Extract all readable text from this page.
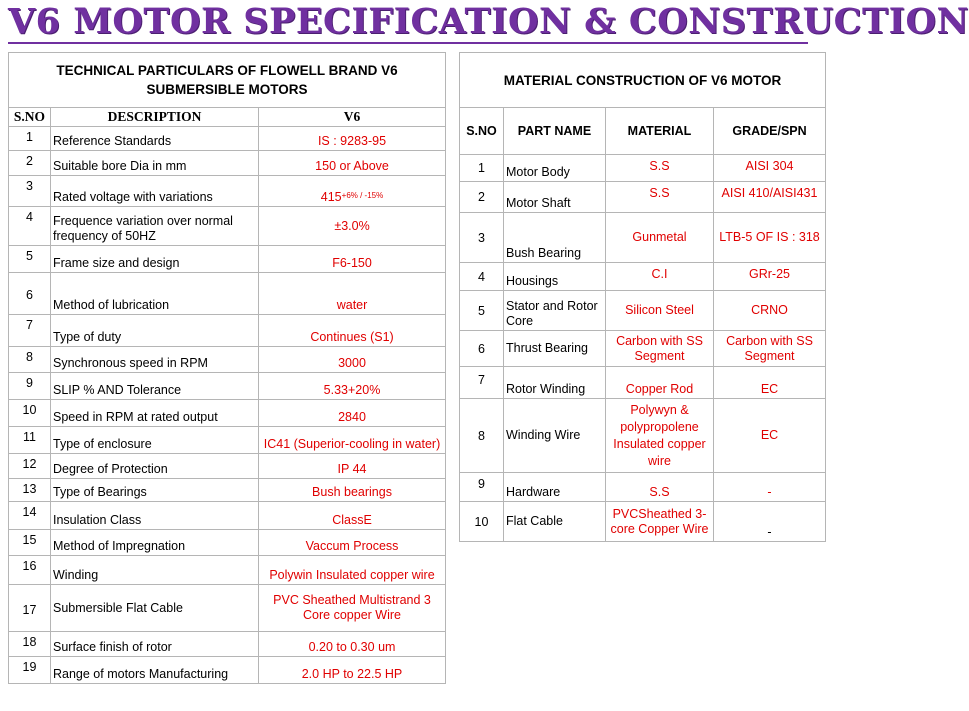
V6 MOTOR SPECIFICATION & CONSTRUCTION
TECHNICAL PARTICULARS OF FLOWELL BRAND V6 SUBMERSIBLE MOTORS		
S.NO	DESCRIPTION	V6
1	Reference Standards	IS : 9283-95
2	Suitable bore Dia in mm	150 or Above
3	Rated voltage with variations	$415^{+6\% / -15\%}$
4	Frequence variation over normal frequency of 50HZ	±3.0%
5	Frame size and design	F6-150
6	Method of lubrication	water
7	Type of duty	Continues (S1)
8	Synchronous speed in RPM	3000
9	SLIP % AND Tolerance	5.33+20%
10	Speed in RPM at rated output	2840
11	Type of enclosure	IC41 (Superior-cooling in water)
12	Degree of Protection	IP 44
13	Type of Bearings	Bush bearings
14	Insulation Class	ClassE
15	Method of Impregnation	Vaccum Process
16	Winding	Polywin Insulated copper wire
17	Submersible Flat Cable	PVC Sheathed Multistrand 3 Core copper Wire
18	Surface finish of rotor	0.20 to 0.30 um
19	Range of motors Manufacturing	2.0 HP to 22.5 HP
MATERIAL CONSTRUCTION OF V6 MOTOR			
S.NO	PART NAME	MATERIAL	GRADE/SPN
1	Motor Body	S.S	AISI 304
2	Motor Shaft	S.S	AISI 410/AISI431
3	Bush Bearing	Gunmetal	LTB-5 OF IS : 318
4	Housings	C.I	GRr-25
5	Stator and Rotor Core	Silicon Steel	CRNO
6	Thrust Bearing	Carbon with SS Segment	Carbon with SS Segment
7	Rotor Winding	Copper Rod	EC
8	Winding Wire	Polywyn & polypropolene Insulated copper wire	EC
9	Hardware	S.S	-
10	Flat Cable	PVCSheathed 3-core Copper Wire	-
